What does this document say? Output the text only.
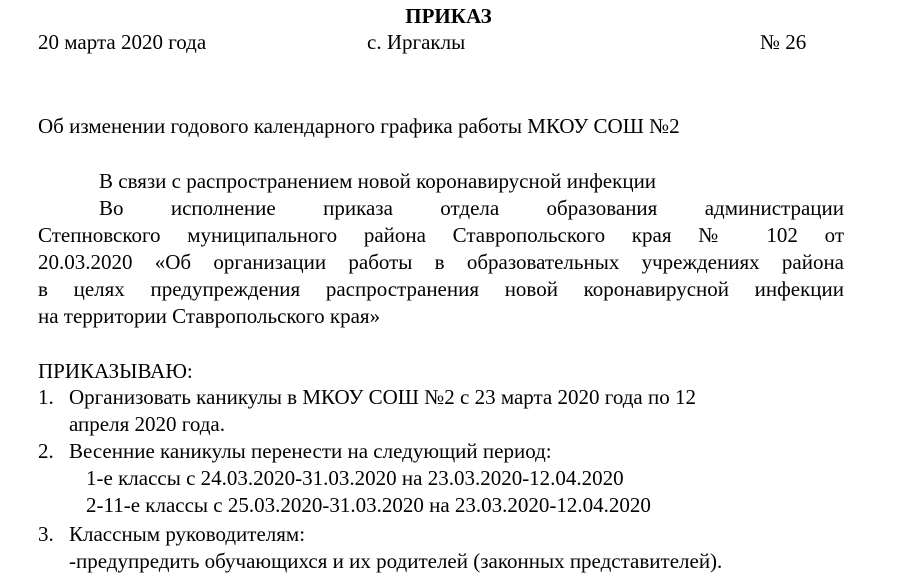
ПРИКАЗ
20 марта 2020 года	с. Иргаклы	№ 26
Об изменении годового календарного графика работы МКОУ СОШ №2
В связи с распространением новой коронавирусной инфекции
Во исполнение приказа отдела образования администрации
Степновского муниципального района Ставропольского края № 102 от
20.03.2020 «Об организации работы в образовательных учреждениях района
в целях предупреждения распространения новой коронавирусной инфекции
на территории Ставропольского края»
ПРИКАЗЫВАЮ:
1. Организовать каникулы в МКОУ СОШ №2 с 23 марта 2020 года по 12
апреля 2020 года.
2. Весенние каникулы перенести на следующий период:
1-е классы с 24.03.2020-31.03.2020 на 23.03.2020-12.04.2020
2-11-е классы с 25.03.2020-31.03.2020 на 23.03.2020-12.04.2020
3. Классным руководителям:
-предупредить обучающихся и их родителей (законных представителей).
